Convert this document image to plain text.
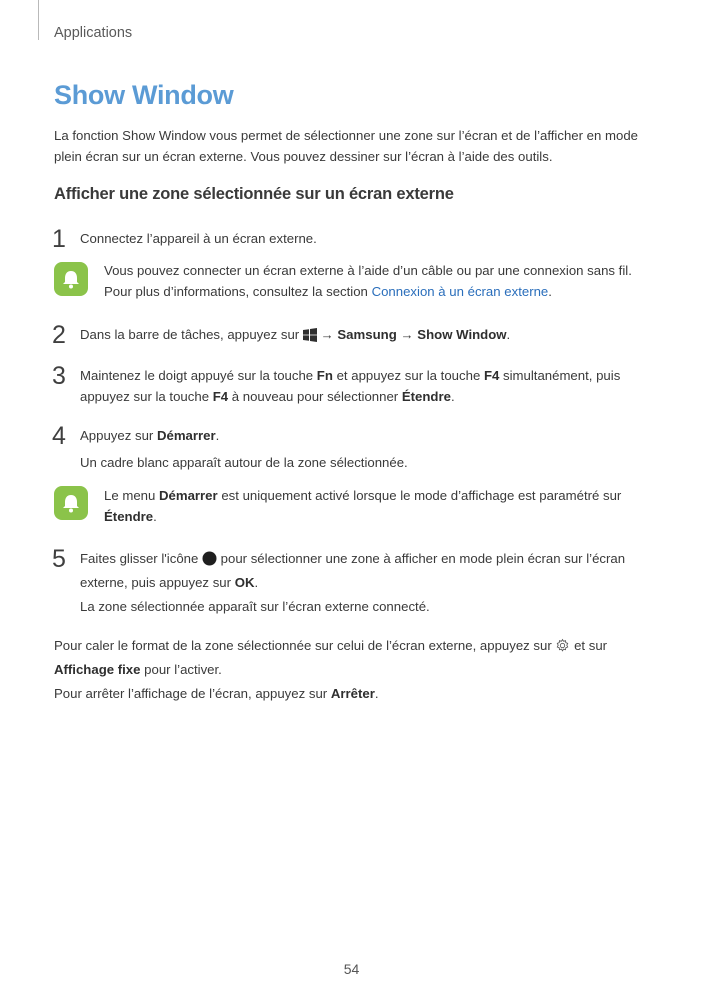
Applications
Show Window

La fonction Show Window vous permet de sélectionner une zone sur l’écran et de l’afficher en mode plein écran sur un écran externe. Vous pouvez dessiner sur l’écran à l’aide des outils.

Afficher une zone sélectionnée sur un écran externe
1 Connectez l’appareil à un écran externe.

Vous pouvez connecter un écran externe à l’aide d’un câble ou par une connexion sans fil. Pour plus d’informations, consultez la section Connexion à un écran externe.

2 Dans la barre de tâches, appuyez sur  → Samsung → Show Window.

3 Maintenez le doigt appuyé sur la touche Fn et appuyez sur la touche F4 simultanément, puis appuyez sur la touche F4 à nouveau pour sélectionner Étendre.

4 Appuyez sur Démarrer.

Un cadre blanc apparaît autour de la zone sélectionnée.

Le menu Démarrer est uniquement activé lorsque le mode d’affichage est paramétré sur Étendre.

5 Faites glisser l'icône  pour sélectionner une zone à afficher en mode plein écran sur l’écran externe, puis appuyez sur OK.

La zone sélectionnée apparaît sur l’écran externe connecté.

Pour caler le format de la zone sélectionnée sur celui de l’écran externe, appuyez sur  et sur Affichage fixe pour l’activer.

Pour arrêter l’affichage de l’écran, appuyez sur Arrêter.

54
